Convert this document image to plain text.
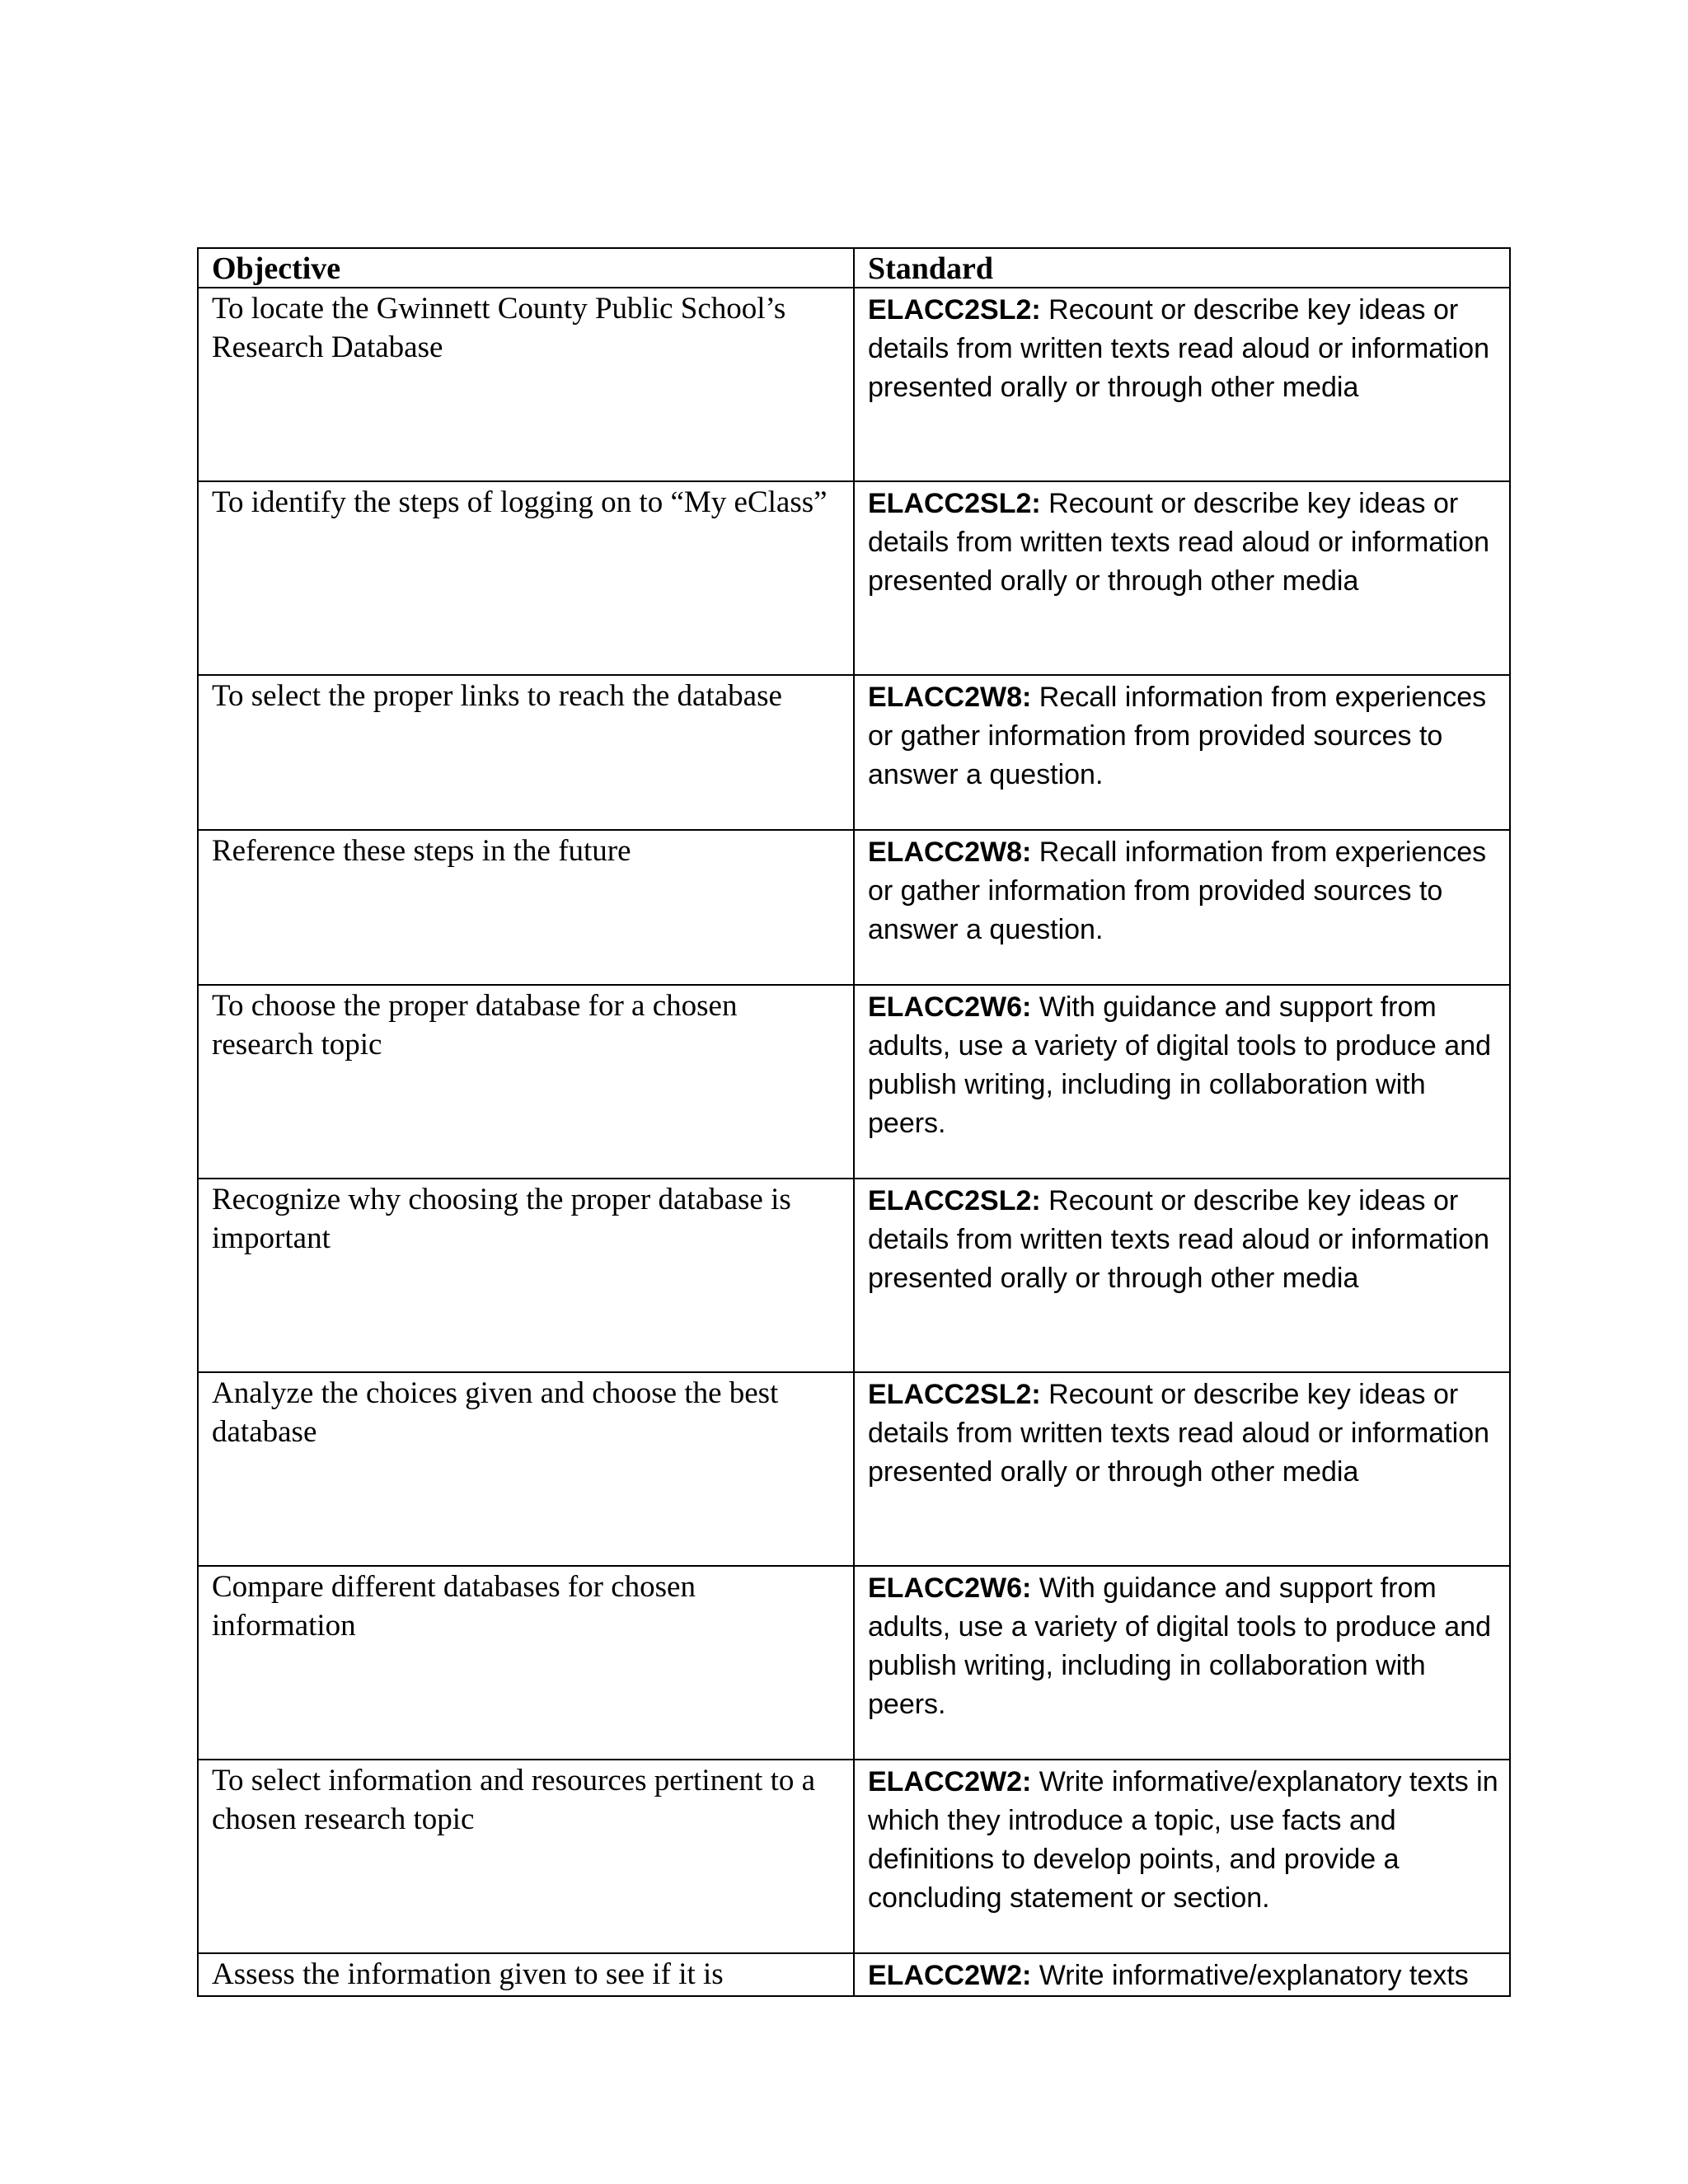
Objective	Standard
To locate the Gwinnett County Public School’s Research Database	ELACC2SL2: Recount or describe key ideas or details from written texts read aloud or information presented orally or through other media
To identify the steps of logging on to “My eClass”	ELACC2SL2: Recount or describe key ideas or details from written texts read aloud or information presented orally or through other media
To select the proper links to reach the database	ELACC2W8: Recall information from experiences or gather information from provided sources to answer a question.
Reference these steps in the future	ELACC2W8: Recall information from experiences or gather information from provided sources to answer a question.
To choose the proper database for a chosen research topic	ELACC2W6: With guidance and support from adults, use a variety of digital tools to produce and publish writing, including in collaboration with peers.
Recognize why choosing the proper database is important	ELACC2SL2: Recount or describe key ideas or details from written texts read aloud or information presented orally or through other media
Analyze the choices given and choose the best database	ELACC2SL2: Recount or describe key ideas or details from written texts read aloud or information presented orally or through other media
Compare different databases for chosen information	ELACC2W6: With guidance and support from adults, use a variety of digital tools to produce and publish writing, including in collaboration with peers.
To select information and resources pertinent to a chosen research topic	ELACC2W2: Write informative/explanatory texts in which they introduce a topic, use facts and definitions to develop points, and provide a concluding statement or section.
Assess the information given to see if it is	ELACC2W2: Write informative/explanatory texts
